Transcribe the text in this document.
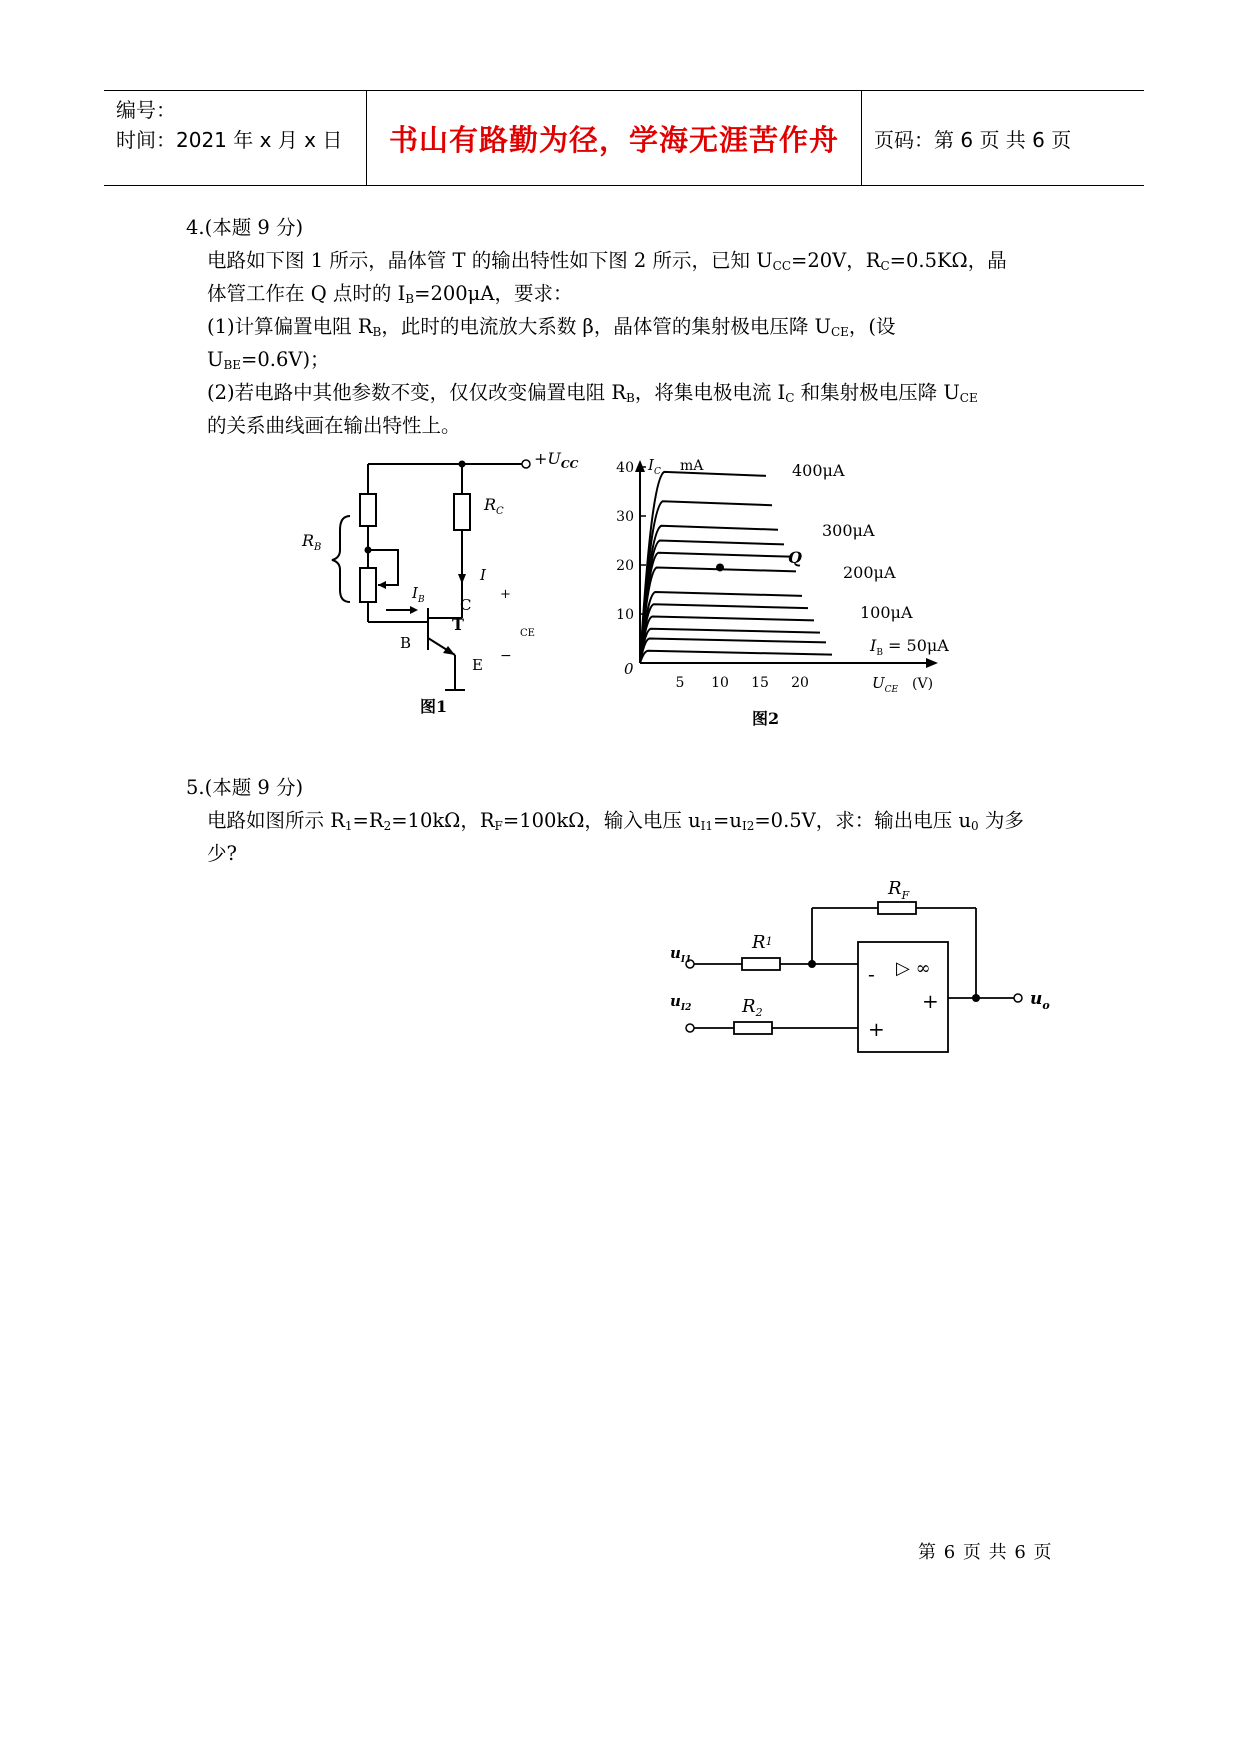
编号：
时间：2021 年 x 月 x 日	书山有路勤为径，学海无涯苦作舟	页码：第 6 页 共 6 页
4.(本题 9 分)
电路如下图 1 所示，晶体管 T 的输出特性如下图 2 所示，已知 $U_{CC}=20V$，$R_C=0.5K\Omega$，晶
体管工作在 Q 点时的 $I_B=200\mu A$，要求：
(1)计算偏置电阻 $R_B$，此时的电流放大系数 β，晶体管的集射极电压降 $U_{CE}$，(设
$U_{BE}=0.6V$)；
(2)若电路中其他参数不变，仅仅改变偏置电阻 $R_B$，将集电极电流 $I_C$ 和集射极电压降 $U_{CE}$
的关系曲线画在输出特性上。
$+U_{CC}$
$R_C$
$R_B$
$I_B$
I
+
CE
−
C
T
B
E
图1
10
20
30
40
5 10 15 20
$I_C$ mA
0
$U_{CE}$ (V)
Q
400μA
300μA
200μA
100μA
$I_B = 50\mu A$
图2
5.(本题 9 分)
电路如图所示 $R_1=R_2=10k\Omega$，$R_F=100k\Omega$，输入电压 $u_{I1}=u_{I2}=0.5V$，求：输出电压 $u_0$ 为多
少?
$R_F$
R1
$R_2$
$u_{I1}$
$u_{I2}$	$u_o$
- ▷ ∞
+
+
第 6 页 共 6 页
